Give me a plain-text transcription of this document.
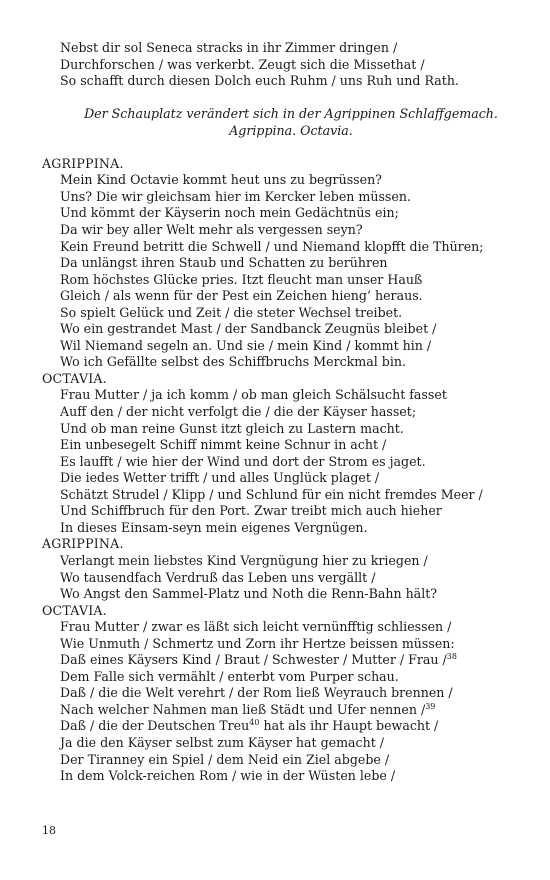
Nebst dir sol Seneca stracks in ihr Zimmer dringen /
Durchforschen / was verkerbt. Zeugt sich die Missethat /
So schafft durch diesen Dolch euch Ruhm / uns Ruh und Rath.
Der Schauplatz verändert sich in der Agrippinen Schlaffgemach.
Agrippina. Octavia.
AGRIPPINA.
Mein Kind Octavie kommt heut uns zu begrüssen?
Uns? Die wir gleichsam hier im Kercker leben müssen.
Und kömmt der Käyserin noch mein Gedächtnüs ein;
Da wir bey aller Welt mehr als vergessen seyn?
Kein Freund betritt die Schwell / und Niemand klopfft die Thüren;
Da unlängst ihren Staub und Schatten zu berühren
Rom höchstes Glücke pries. Itzt fleucht man unser Hauß
Gleich / als wenn für der Pest ein Zeichen hieng’ heraus.
So spielt Gelück und Zeit / die steter Wechsel treibet.
Wo ein gestrandet Mast / der Sandbanck Zeugnüs bleibet /
Wil Niemand segeln an. Und sie / mein Kind / kommt hin /
Wo ich Gefällte selbst des Schiffbruchs Merckmal bin.
OCTAVIA.
Frau Mutter / ja ich komm / ob man gleich Schälsucht fasset
Auff den / der nicht verfolgt die / die der Käyser hasset;
Und ob man reine Gunst itzt gleich zu Lastern macht.
Ein unbesegelt Schiff nimmt keine Schnur in acht /
Es laufft / wie hier der Wind und dort der Strom es jaget.
Die iedes Wetter trifft / und alles Unglück plaget /
Schätzt Strudel / Klipp / und Schlund für ein nicht fremdes Meer /
Und Schiffbruch für den Port. Zwar treibt mich auch hieher
In dieses Einsam-seyn mein eigenes Vergnügen.
AGRIPPINA.
Verlangt mein liebstes Kind Vergnügung hier zu kriegen /
Wo tausendfach Verdruß das Leben uns vergällt /
Wo Angst den Sammel-Platz und Noth die Renn-Bahn hält?
OCTAVIA.
Frau Mutter / zwar es läßt sich leicht vernünfftig schliessen /
Wie Unmuth / Schmertz und Zorn ihr Hertze beissen müssen:
Daß eines Käysers Kind / Braut / Schwester / Mutter / Frau /$^{38}$
Dem Falle sich vermählt / enterbt vom Purper schau.
Daß / die die Welt verehrt / der Rom ließ Weyrauch brennen /
Nach welcher Nahmen man ließ Städt und Ufer nennen /$^{39}$
Daß / die der Deutschen Treu$^{40}$ hat als ihr Haupt bewacht /
Ja die den Käyser selbst zum Käyser hat gemacht /
Der Tiranney ein Spiel / dem Neid ein Ziel abgebe /
In dem Volck-reichen Rom / wie in der Wüsten lebe /
18
